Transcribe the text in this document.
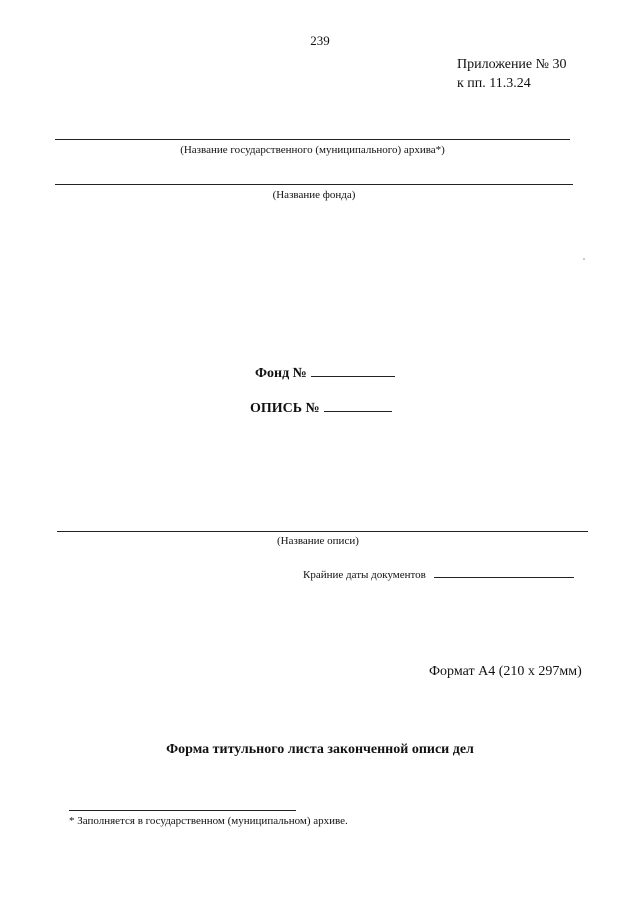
239
Приложение № 30
к пп. 11.3.24
(Название государственного (муниципального) архива*)
(Название фонда)
Фонд №
ОПИСЬ №
(Название описи)
Крайние даты документов
Формат А4 (210 х 297мм)
Форма титульного листа законченной описи дел
* Заполняется в государственном (муниципальном) архиве.
